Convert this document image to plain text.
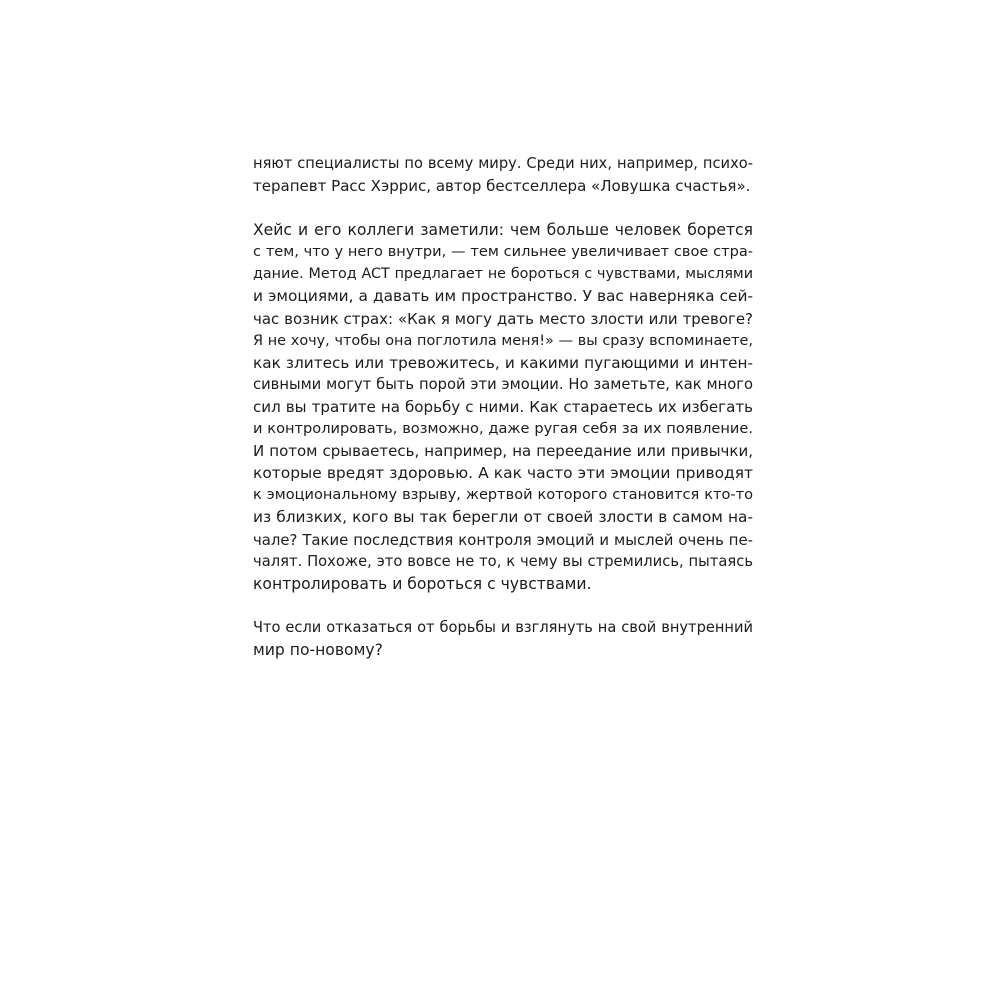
няют специалисты по всему миру. Среди них, например, психо-
терапевт Расс Хэррис, автор бестселлера «Ловушка счастья».

Хейс и его коллеги заметили: чем больше человек борется
с тем, что у него внутри, — тем сильнее увеличивает свое стра-
дание. Метод ACT предлагает не бороться с чувствами, мыслями
и эмоциями, а давать им пространство. У вас наверняка сей-
час возник страх: «Как я могу дать место злости или тревоге?
Я не хочу, чтобы она поглотила меня!» — вы сразу вспоминаете,
как злитесь или тревожитесь, и какими пугающими и интен-
сивными могут быть порой эти эмоции. Но заметьте, как много
сил вы тратите на борьбу с ними. Как стараетесь их избегать
и контролировать, возможно, даже ругая себя за их появление.
И потом срываетесь, например, на переедание или привычки,
которые вредят здоровью. А как часто эти эмоции приводят
к эмоциональному взрыву, жертвой которого становится кто-то
из близких, кого вы так берегли от своей злости в самом на-
чале? Такие последствия контроля эмоций и мыслей очень пе-
чалят. Похоже, это вовсе не то, к чему вы стремились, пытаясь
контролировать и бороться с чувствами.

Что если отказаться от борьбы и взглянуть на свой внутренний
мир по-новому?
